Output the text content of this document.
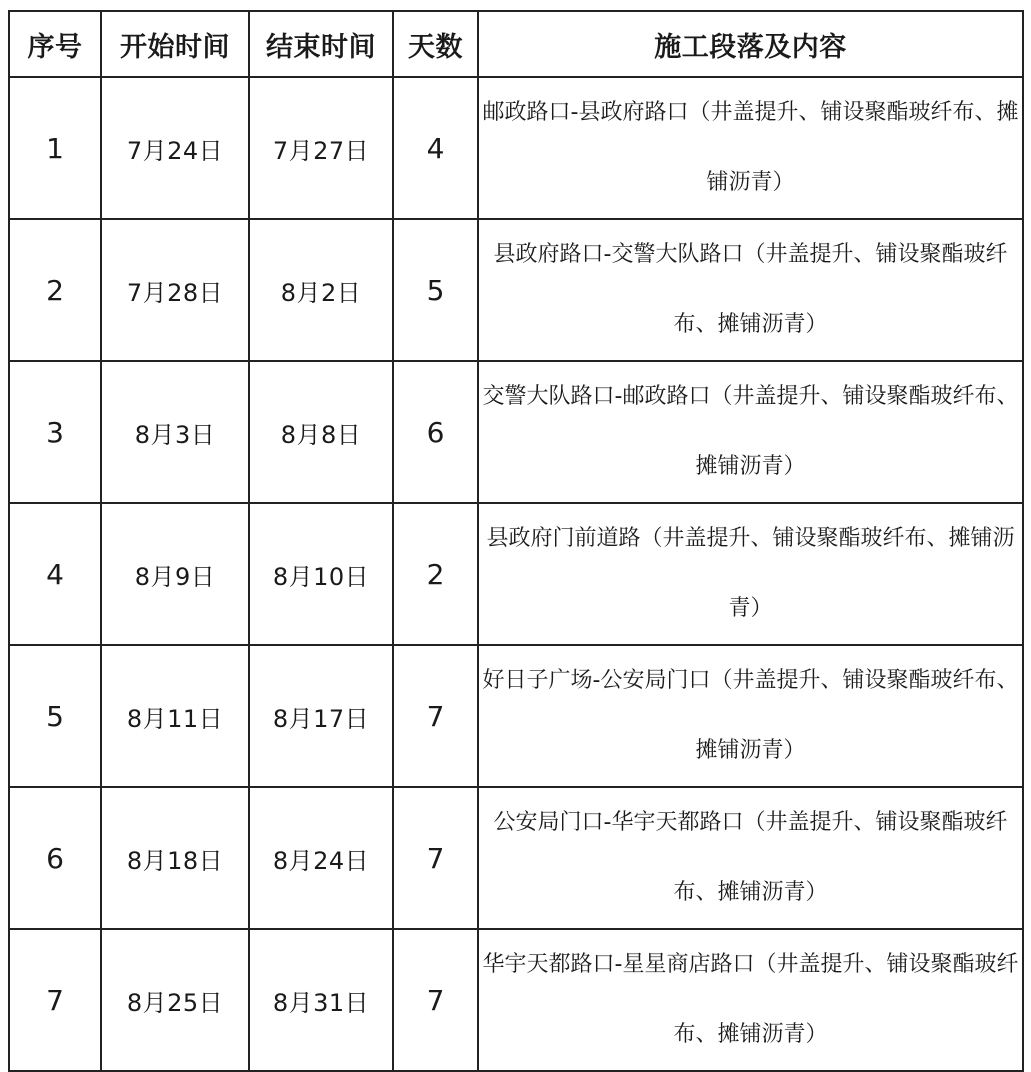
序号	开始时间	结束时间	天数	施工段落及内容
1	7月24日	7月27日	4	邮政路口-县政府路口（井盖提升、铺设聚酯玻纤布、摊铺沥青）
2	7月28日	8月2日	5	县政府路口-交警大队路口（井盖提升、铺设聚酯玻纤布、摊铺沥青）
3	8月3日	8月8日	6	交警大队路口-邮政路口（井盖提升、铺设聚酯玻纤布、摊铺沥青）
4	8月9日	8月10日	2	县政府门前道路（井盖提升、铺设聚酯玻纤布、摊铺沥青）
5	8月11日	8月17日	7	好日子广场-公安局门口（井盖提升、铺设聚酯玻纤布、摊铺沥青）
6	8月18日	8月24日	7	公安局门口-华宇天都路口（井盖提升、铺设聚酯玻纤布、摊铺沥青）
7	8月25日	8月31日	7	华宇天都路口-星星商店路口（井盖提升、铺设聚酯玻纤布、摊铺沥青）
